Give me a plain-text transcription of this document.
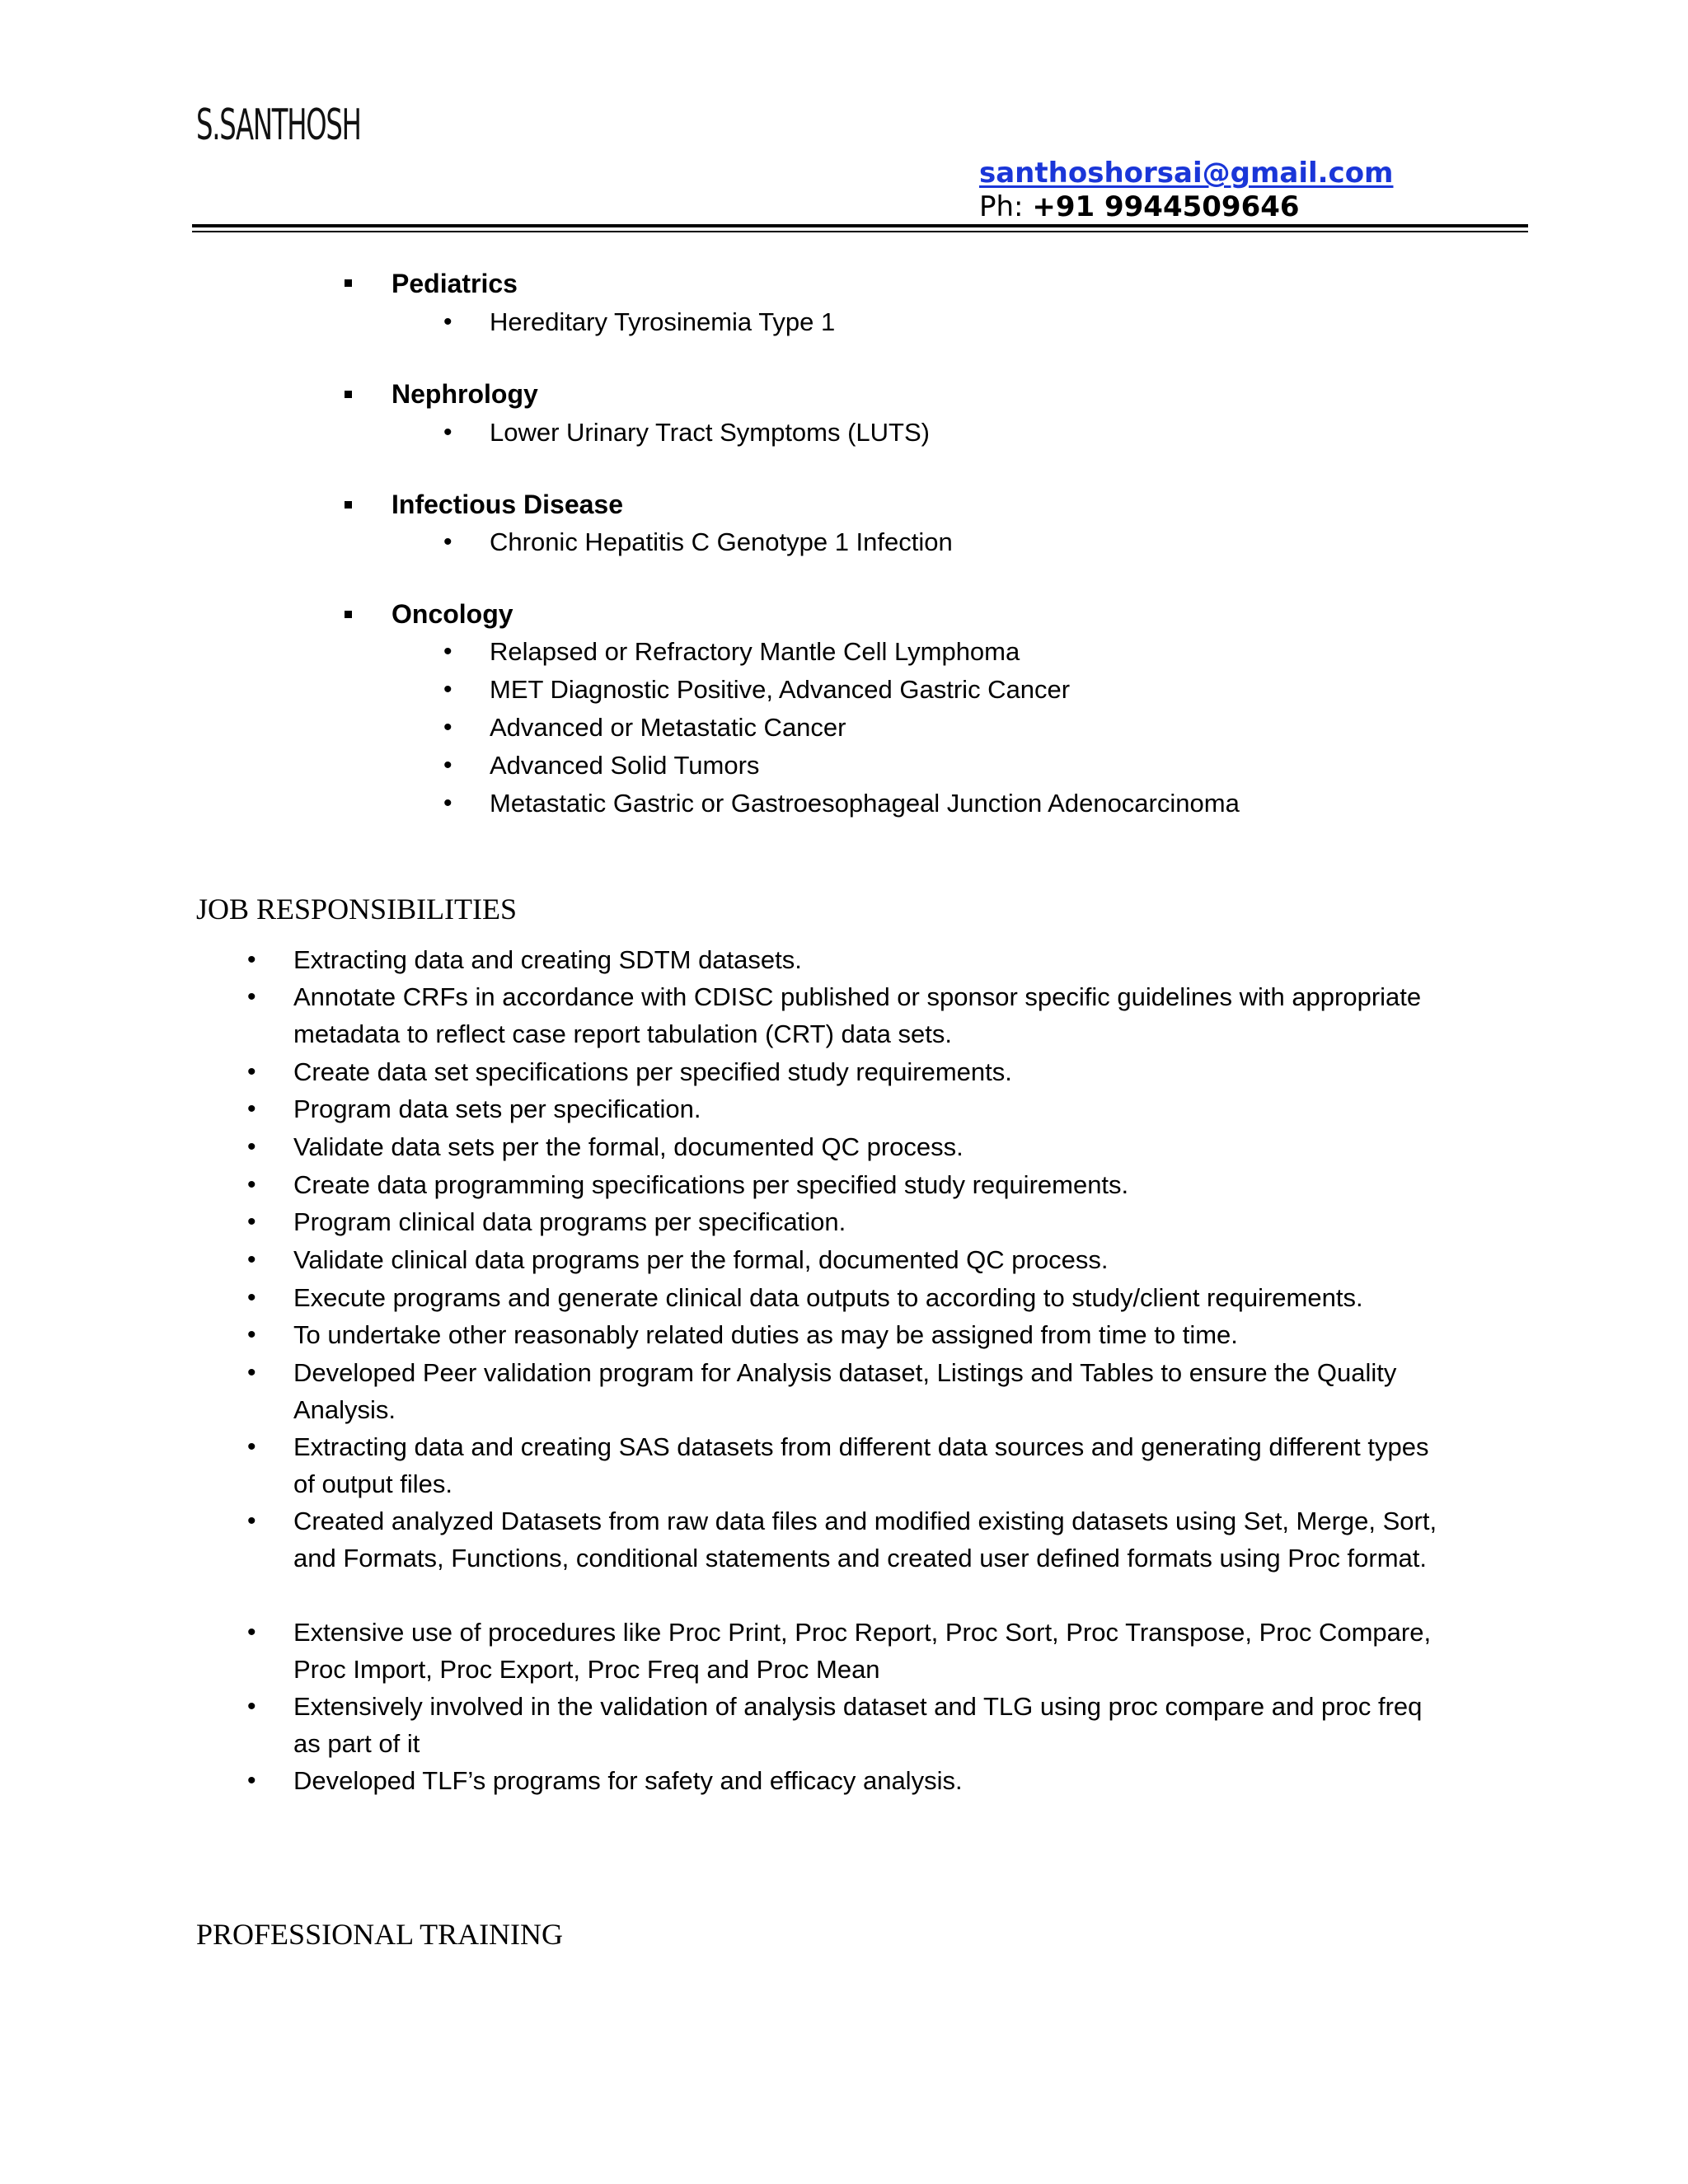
S.SANTHOSH
santhoshorsai@gmail.com
Ph: +91 9944509646
Pediatrics
• Hereditary Tyrosinemia Type 1
Nephrology
• Lower Urinary Tract Symptoms (LUTS)
Infectious Disease
• Chronic Hepatitis C Genotype 1 Infection
Oncology
• Relapsed or Refractory Mantle Cell Lymphoma
• MET Diagnostic Positive, Advanced Gastric Cancer
• Advanced or Metastatic Cancer
• Advanced Solid Tumors
• Metastatic Gastric or Gastroesophageal Junction Adenocarcinoma
JOB RESPONSIBILITIES
• Extracting data and creating SDTM datasets.
• Annotate CRFs in accordance with CDISC published or sponsor specific guidelines with appropriate metadata to reflect case report tabulation (CRT) data sets.
• Create data set specifications per specified study requirements.
• Program data sets per specification.
• Validate data sets per the formal, documented QC process.
• Create data programming specifications per specified study requirements.
• Program clinical data programs per specification.
• Validate clinical data programs per the formal, documented QC process.
• Execute programs and generate clinical data outputs to according to study/client requirements.
• To undertake other reasonably related duties as may be assigned from time to time.
• Developed Peer validation program for Analysis dataset, Listings and Tables to ensure the Quality Analysis.
• Extracting data and creating SAS datasets from different data sources and generating different types of output files.
• Created analyzed Datasets from raw data files and modified existing datasets using Set, Merge, Sort, and Formats, Functions, conditional statements and created user defined formats using Proc format.
• Extensive use of procedures like Proc Print, Proc Report, Proc Sort, Proc Transpose, Proc Compare, Proc Import, Proc Export, Proc Freq and Proc Mean
• Extensively involved in the validation of analysis dataset and TLG using proc compare and proc freq as part of it
• Developed TLF’s programs for safety and efficacy analysis.
PROFESSIONAL TRAINING
